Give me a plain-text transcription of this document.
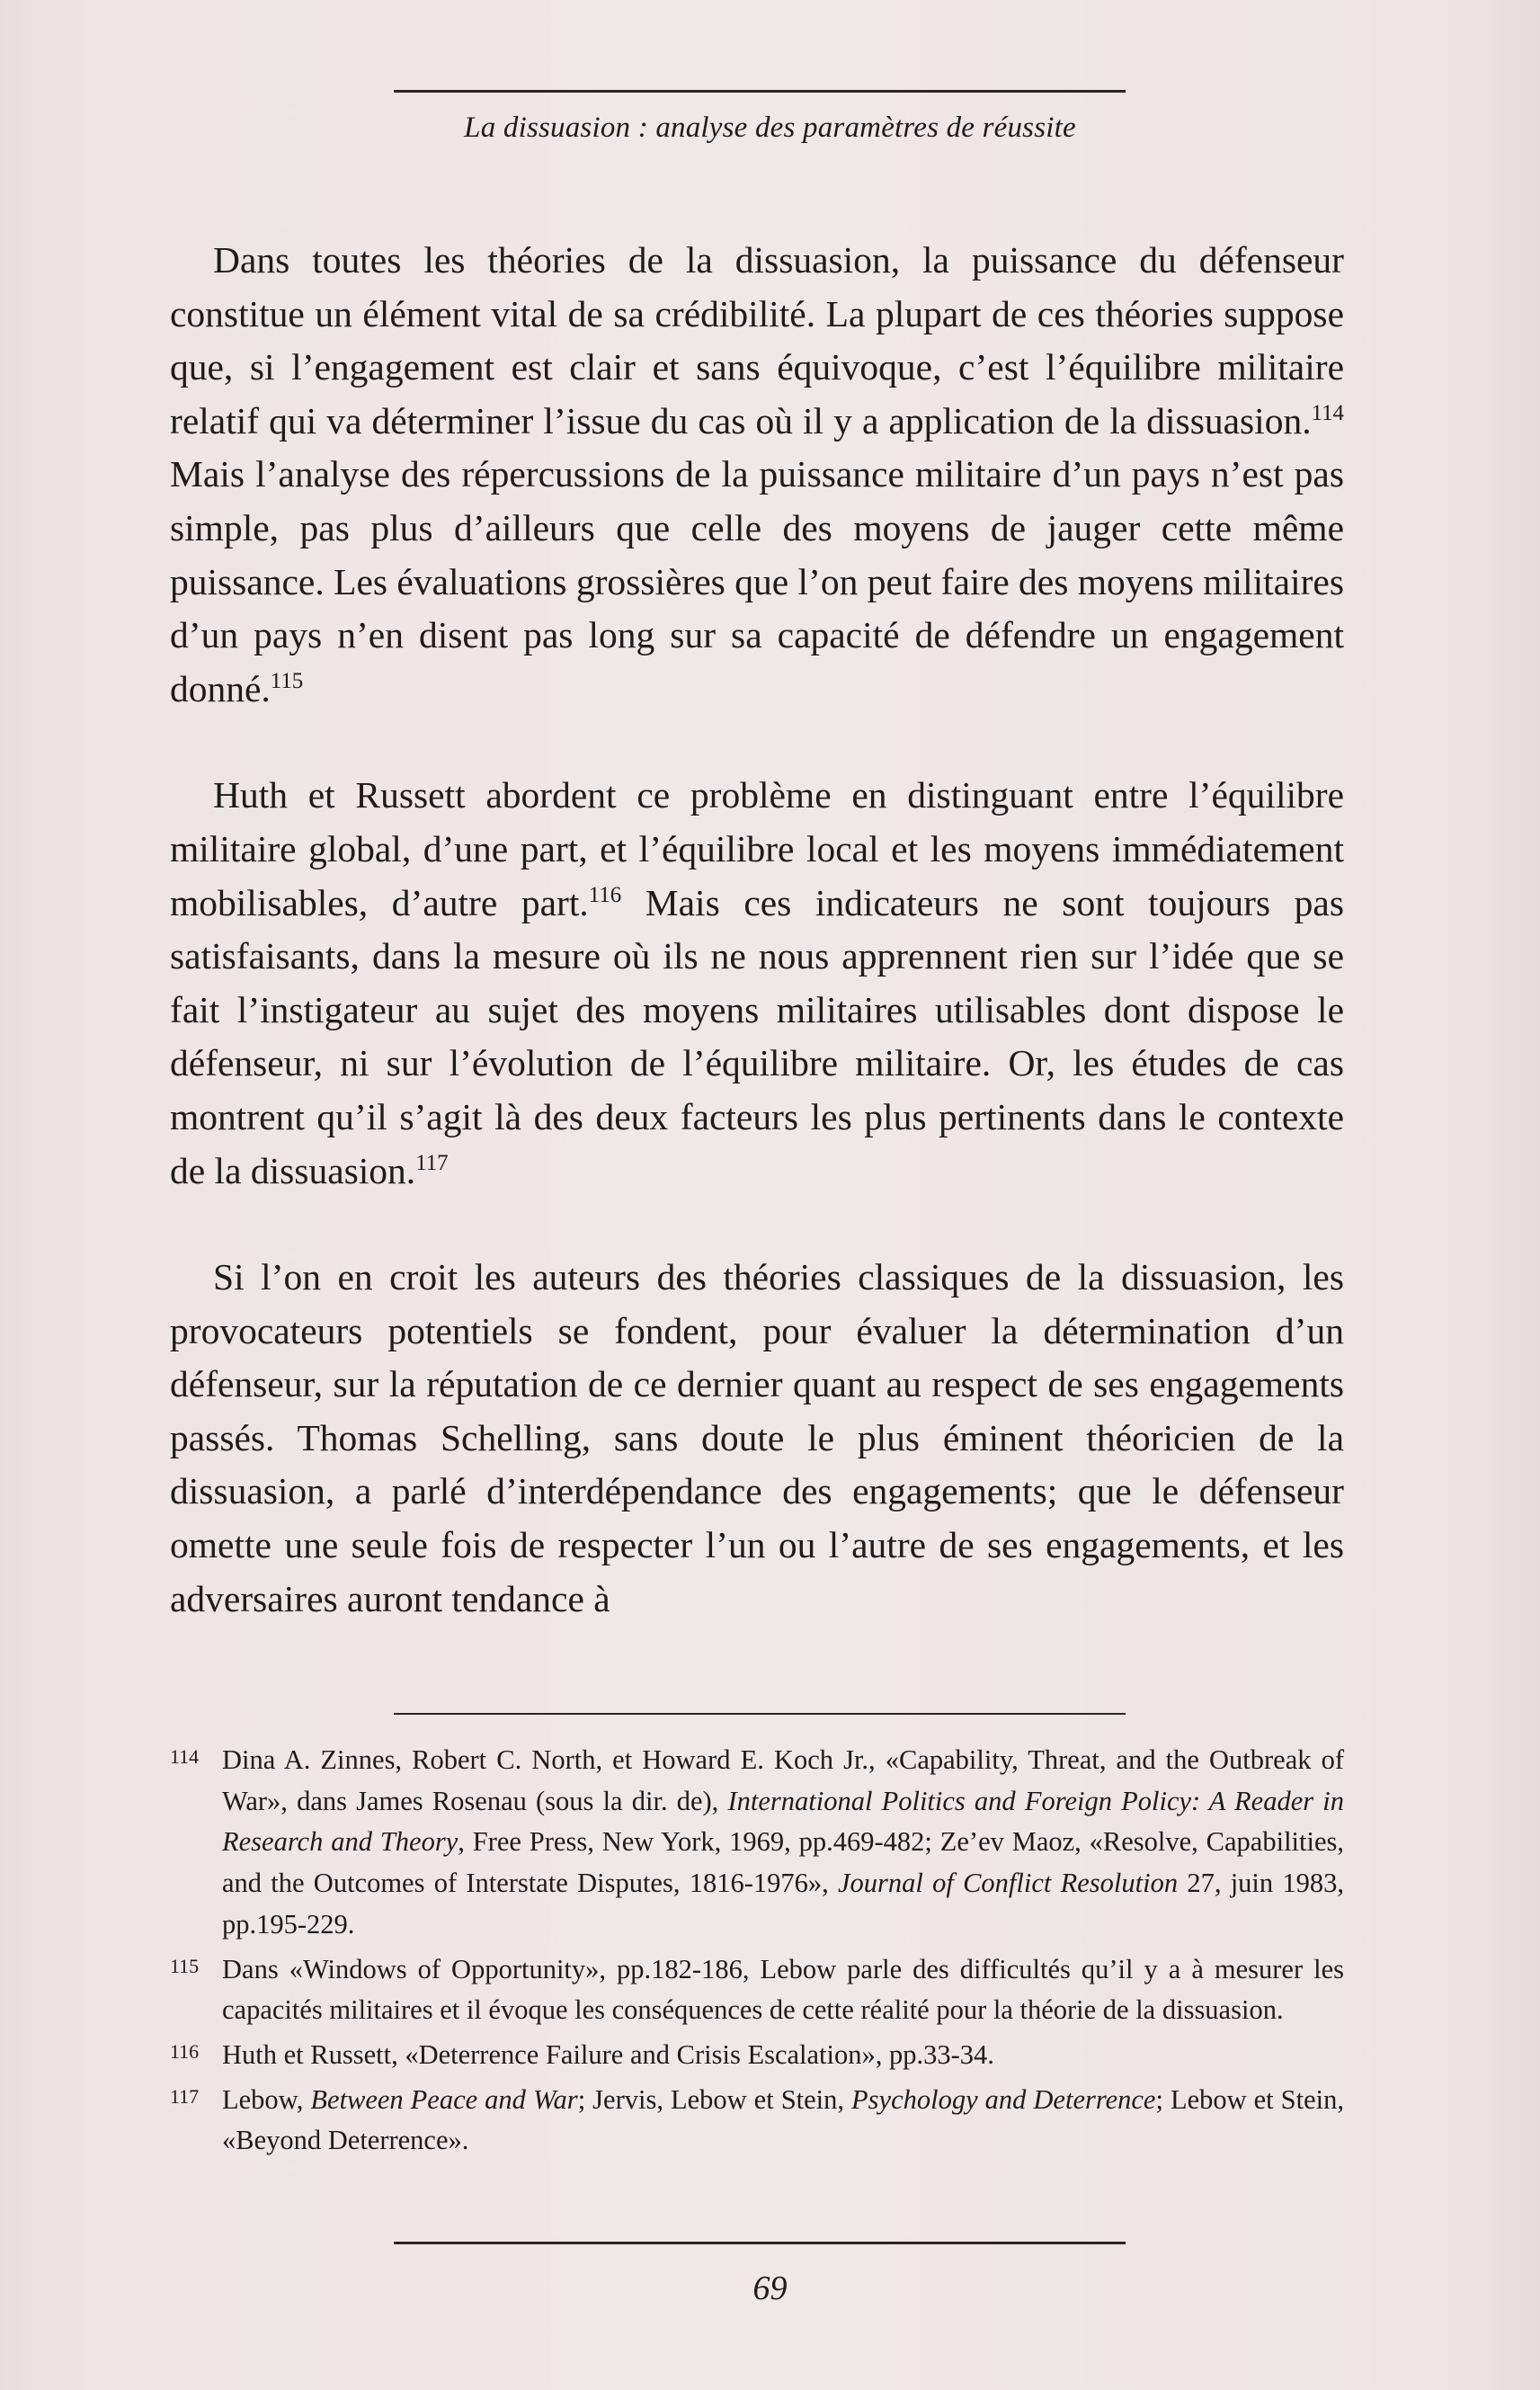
La dissuasion : analyse des paramètres de réussite

Dans toutes les théories de la dissuasion, la puissance du défenseur constitue un élément vital de sa crédibilité. La plupart de ces théories suppose que, si l’engagement est clair et sans équivoque, c’est l’équilibre militaire relatif qui va déterminer l’issue du cas où il y a application de la dissuasion.$^{114}$ Mais l’analyse des répercussions de la puissance militaire d’un pays n’est pas simple, pas plus d’ailleurs que celle des moyens de jauger cette même puissance. Les évaluations grossières que l’on peut faire des moyens militaires d’un pays n’en disent pas long sur sa capacité de défendre un engagement donné.$^{115}$

Huth et Russett abordent ce problème en distinguant entre l’équilibre militaire global, d’une part, et l’équilibre local et les moyens immédiatement mobilisables, d’autre part.$^{116}$ Mais ces indicateurs ne sont toujours pas satisfaisants, dans la mesure où ils ne nous apprennent rien sur l’idée que se fait l’instigateur au sujet des moyens militaires utilisables dont dispose le défenseur, ni sur l’évolution de l’équilibre militaire. Or, les études de cas montrent qu’il s’agit là des deux facteurs les plus pertinents dans le contexte de la dissuasion.$^{117}$

Si l’on en croit les auteurs des théories classiques de la dissuasion, les provocateurs potentiels se fondent, pour évaluer la détermination d’un défenseur, sur la réputation de ce dernier quant au respect de ses engagements passés. Thomas Schelling, sans doute le plus éminent théoricien de la dissuasion, a parlé d’interdépendance des engagements; que le défenseur omette une seule fois de respecter l’un ou l’autre de ses engagements, et les adversaires auront tendance à

114 Dina A. Zinnes, Robert C. North, et Howard E. Koch Jr., «Capability, Threat, and the Outbreak of War», dans James Rosenau (sous la dir. de), International Politics and Foreign Policy: A Reader in Research and Theory, Free Press, New York, 1969, pp.469-482; Ze’ev Maoz, «Resolve, Capabilities, and the Outcomes of Interstate Disputes, 1816-1976», Journal of Conflict Resolution 27, juin 1983, pp.195-229.
115 Dans «Windows of Opportunity», pp.182-186, Lebow parle des difficultés qu’il y a à mesurer les capacités militaires et il évoque les conséquences de cette réalité pour la théorie de la dissuasion.
116 Huth et Russett, «Deterrence Failure and Crisis Escalation», pp.33-34.
117 Lebow, Between Peace and War; Jervis, Lebow et Stein, Psychology and Deterrence; Lebow et Stein, «Beyond Deterrence».
69
